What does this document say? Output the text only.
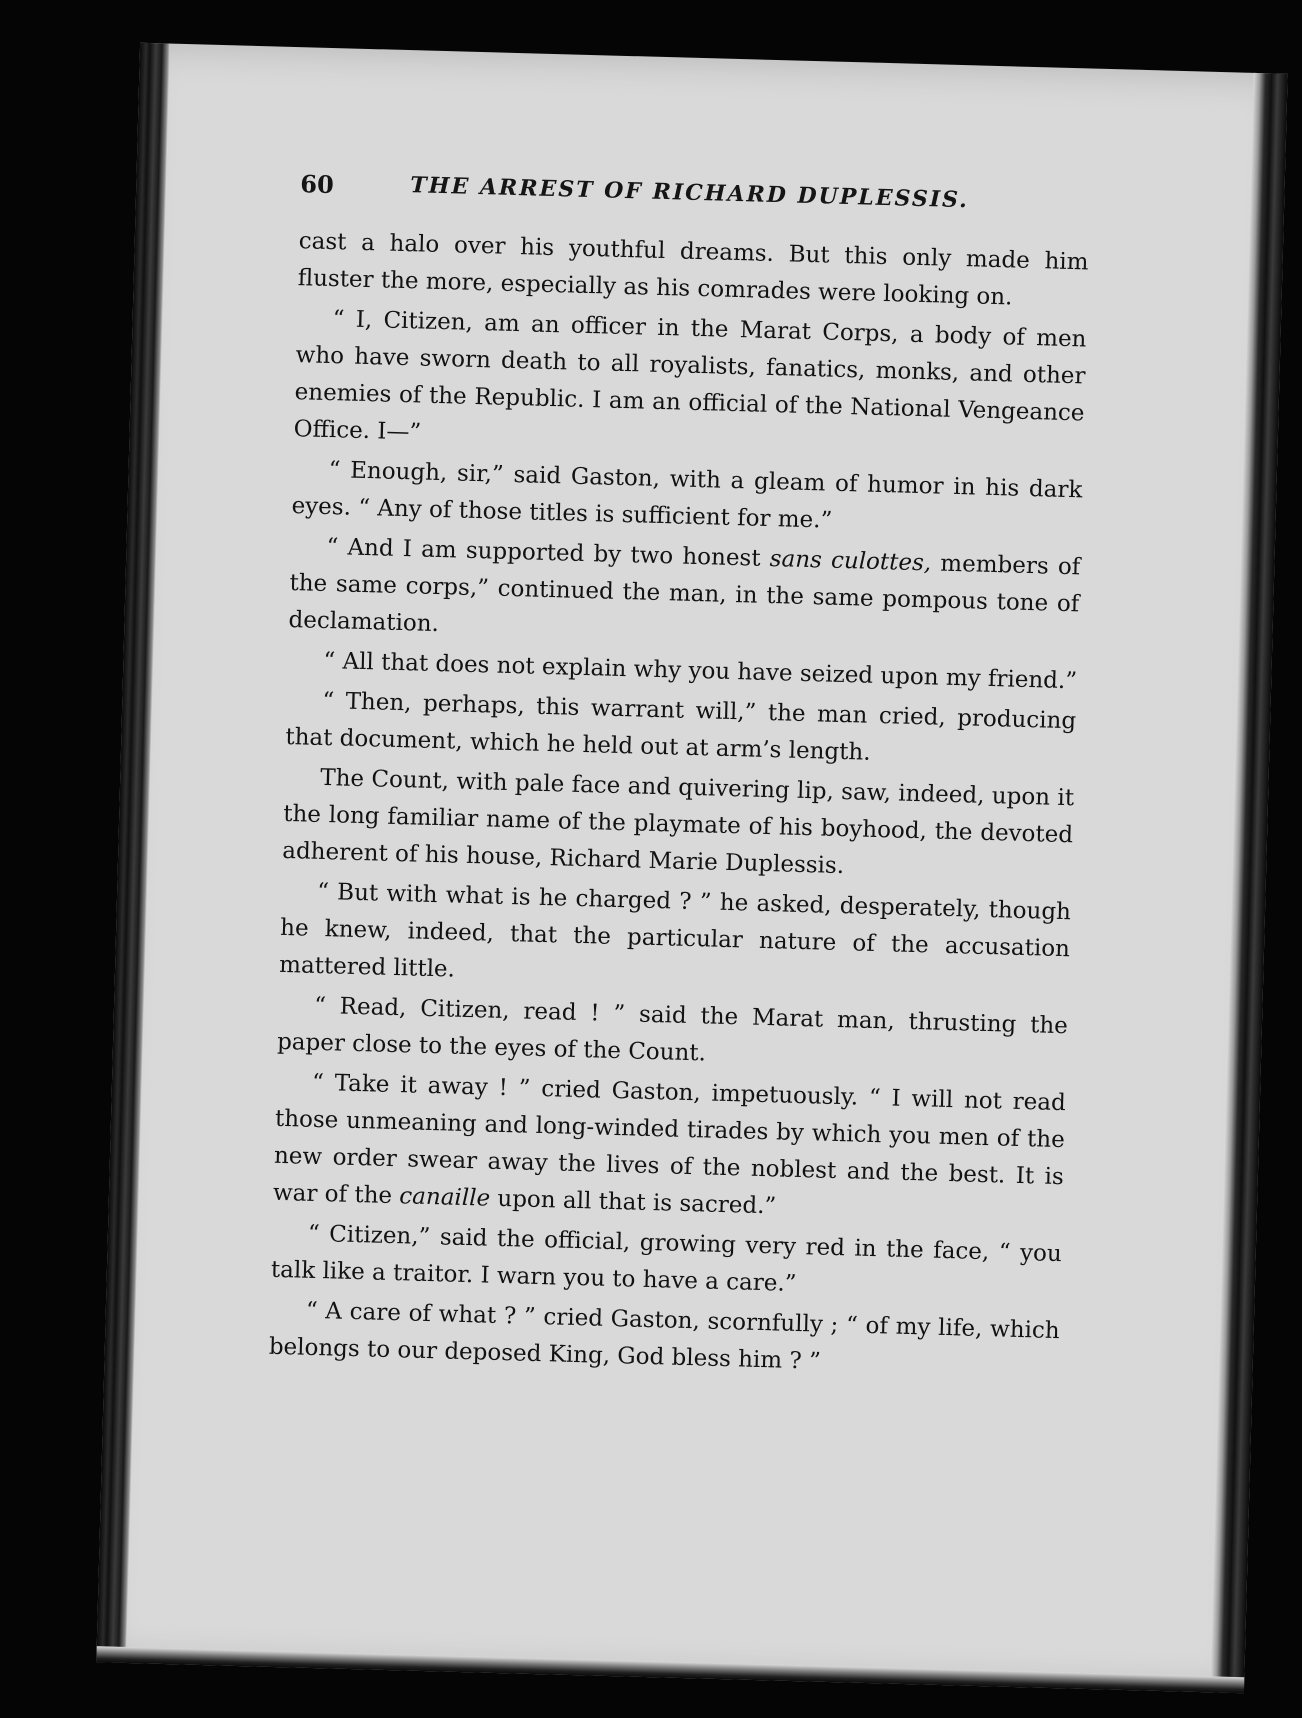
60	THE ARREST OF RICHARD DUPLESSIS.

cast a halo over his youthful dreams. But this only made him fluster the more, especially as his comrades were looking on.

“ I, Citizen, am an officer in the Marat Corps, a body of men who have sworn death to all royalists, fanatics, monks, and other enemies of the Republic. I am an official of the National Vengeance Office. I—”

“ Enough, sir,” said Gaston, with a gleam of humor in his dark eyes. “ Any of those titles is sufficient for me.”

“ And I am supported by two honest sans culottes, members of the same corps,” continued the man, in the same pompous tone of declamation.

“ All that does not explain why you have seized upon my friend.”

“ Then, perhaps, this warrant will,” the man cried, producing that document, which he held out at arm’s length.

The Count, with pale face and quivering lip, saw, indeed, upon it the long familiar name of the playmate of his boyhood, the devoted adherent of his house, Richard Marie Duplessis.

“ But with what is he charged ? ” he asked, desperately, though he knew, indeed, that the particular nature of the accusation mattered little.

“ Read, Citizen, read ! ” said the Marat man, thrusting the paper close to the eyes of the Count.

“ Take it away ! ” cried Gaston, impetuously. “ I will not read those unmeaning and long-winded tirades by which you men of the new order swear away the lives of the noblest and the best. It is war of the canaille upon all that is sacred.”

“ Citizen,” said the official, growing very red in the face, “ you talk like a traitor. I warn you to have a care.”

“ A care of what ? ” cried Gaston, scornfully ; “ of my life, which belongs to our deposed King, God bless him ? ”
